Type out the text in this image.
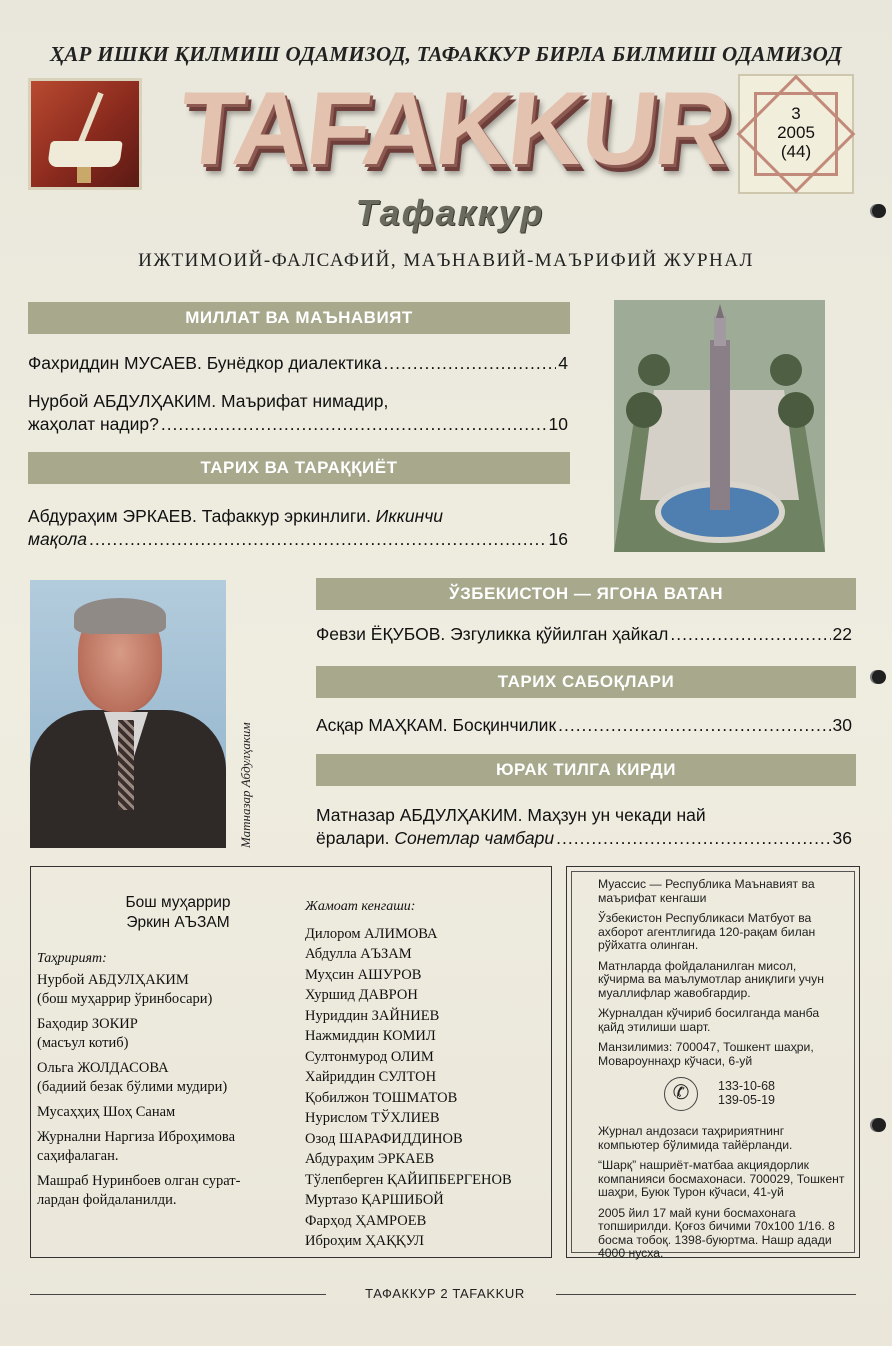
ҲАР ИШКИ ҚИЛМИШ ОДАМИЗОД, ТАФАККУР БИРЛА БИЛМИШ ОДАМИЗОД
TAFAKKUR	3
2005
(44)
Тафаккур
ИЖТИМОИЙ-ФАЛСАФИЙ, МАЪНАВИЙ-МАЪРИФИЙ ЖУРНАЛ
МИЛЛАТ ВА МАЪНАВИЯТ
Фахриддин МУСАЕВ. Бунёдкор диалектика .....	4
Нурбой АБДУЛҲАКИМ. Маърифат нимадир,
жаҳолат надир? .....	10
ТАРИХ ВА ТАРАҚҚИЁТ
Абдураҳим ЭРКАЕВ. Тафаккур эркинлиги. Иккинчи
мақола .....	16
Матназар Абдулҳаким
ЎЗБЕКИСТОН — ЯГОНА ВАТАН
Февзи ЁҚУБОВ. Эзгуликка қўйилган ҳайкал .....	22
ТАРИХ САБОҚЛАРИ
Асқар МАҲКАМ. Босқинчилик .....	30
ЮРАК ТИЛГА КИРДИ
Матназар АБДУЛҲАКИМ. Маҳзун ун чекади най
ёралари. Сонетлар чамбари .....	36
Бош муҳаррир
Эркин АЪЗАМ

Таҳририят:

Нурбой АБДУЛҲАКИМ
(бош муҳаррир ўринбосари)

Баҳодир ЗОКИР
(масъул котиб)

Ольга ЖОЛДАСОВА
(бадиий безак бўлими мудири)

Мусаҳҳиҳ Шоҳ Санам

Журнални Наргиза Иброҳимова
саҳифалаган.

Машраб Нуринбоев олган сурат-
лардан фойдаланилди.

Жамоат кенгаши:
Дилором АЛИМОВА
Абдулла АЪЗАМ
Муҳсин АШУРОВ
Хуршид ДАВРОН
Нуриддин ЗАЙНИЕВ
Нажмиддин КОМИЛ
Султонмурод ОЛИМ
Хайриддин СУЛТОН
Қобилжон ТОШМАТОВ
Нурислом ТЎХЛИЕВ
Озод ШАРАФИДДИНОВ
Абдураҳим ЭРКАЕВ
Тўлепберген ҚАЙИПБЕРГЕНОВ
Муртазо ҚАРШИБОЙ
Фарҳод ҲАМРОЕВ
Иброҳим ҲАҚҚУЛ

Муассис — Республика Маънавият ва маърифат кенгаши

Ўзбекистон Республикаси Матбуот ва ахборот агентлигида 120-рақам билан рўйхатга олинган.

Матнларда фойдаланилган мисол, кўчирма ва маълумотлар аниқлиги учун муаллифлар жавобгардир.

Журналдан кўчириб босилганда манба қайд этилиши шарт.

Манзилимиз: 700047, Тошкент шаҳри, Мовароуннаҳр кўчаси, 6-уй

✆	133-10-68
139-05-19

Журнал андозаси таҳририятнинг компьютер бўлимида тайёрланди.

“Шарқ” нашриёт-матбаа акциядорлик компанияси босмахонаси. 700029, Тошкент шаҳри, Буюк Турон кўчаси, 41-уй

2005 йил 17 май куни босмахонага топширилди. Қоғоз бичими 70х100 1/16. 8 босма тобоқ. 1398-буюртма. Нашр адади 4000 нусха.

ТАФАККУР 2 TAFAKKUR
